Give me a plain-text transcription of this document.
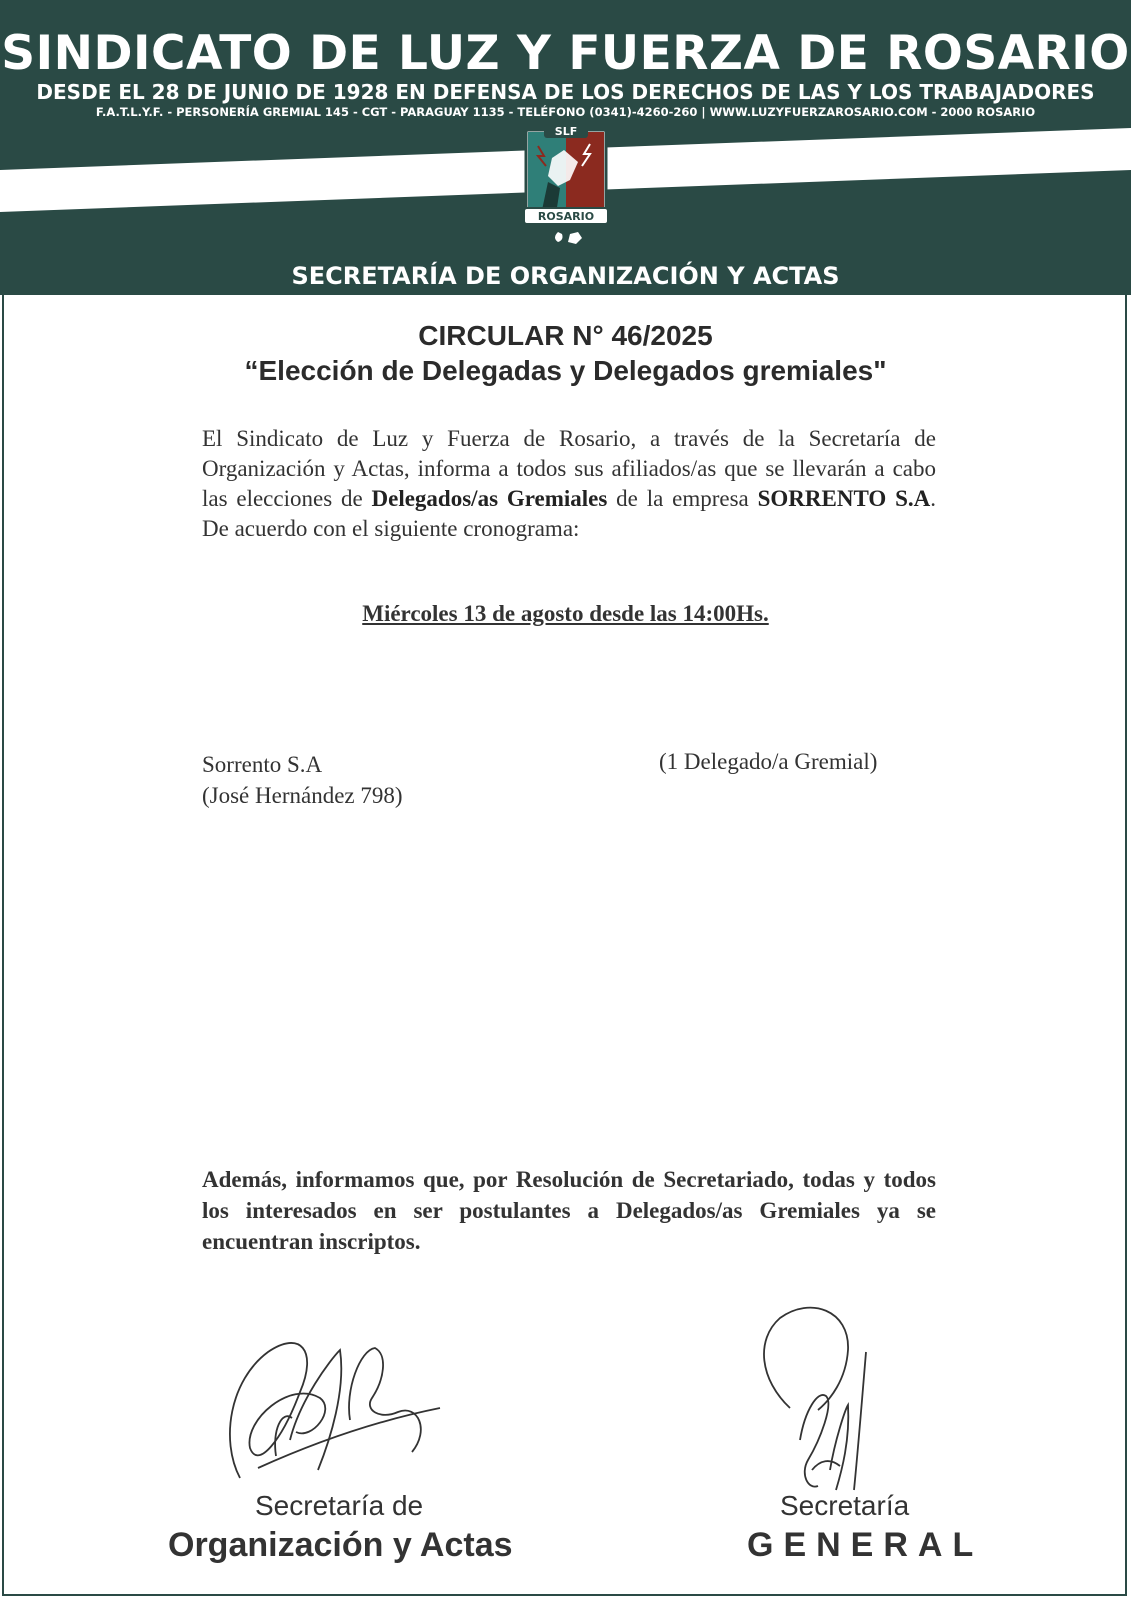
SINDICATO DE LUZ Y FUERZA DE ROSARIO
DESDE EL 28 DE JUNIO DE 1928 EN DEFENSA DE LOS DERECHOS DE LAS Y LOS TRABAJADORES
F.A.T.L.Y.F. - PERSONERÍA GREMIAL 145 - CGT - PARAGUAY 1135 - TELÉFONO (0341)-4260-260 | WWW.LUZYFUERZAROSARIO.COM - 2000 ROSARIO
SLF
ROSARIO
SECRETARÍA DE ORGANIZACIÓN Y ACTAS
CIRCULAR N° 46/2025
“Elección de Delegadas y Delegados gremiales"
El Sindicato de Luz y Fuerza de Rosario, a través de la Secretaría de Organización y Actas, informa a todos sus afiliados/as que se llevarán a cabo las elecciones de Delegados/as Gremiales de la empresa SORRENTO S.A. De acuerdo con el siguiente cronograma:
Miércoles 13 de agosto desde las 14:00Hs.
Sorrento S.A
(José Hernández 798)
(1 Delegado/a Gremial)
Además, informamos que, por Resolución de Secretariado, todas y todos los interesados en ser postulantes a Delegados/as Gremiales ya se encuentran inscriptos.
Secretaría de
Organización y Actas
Secretaría
GENERAL
